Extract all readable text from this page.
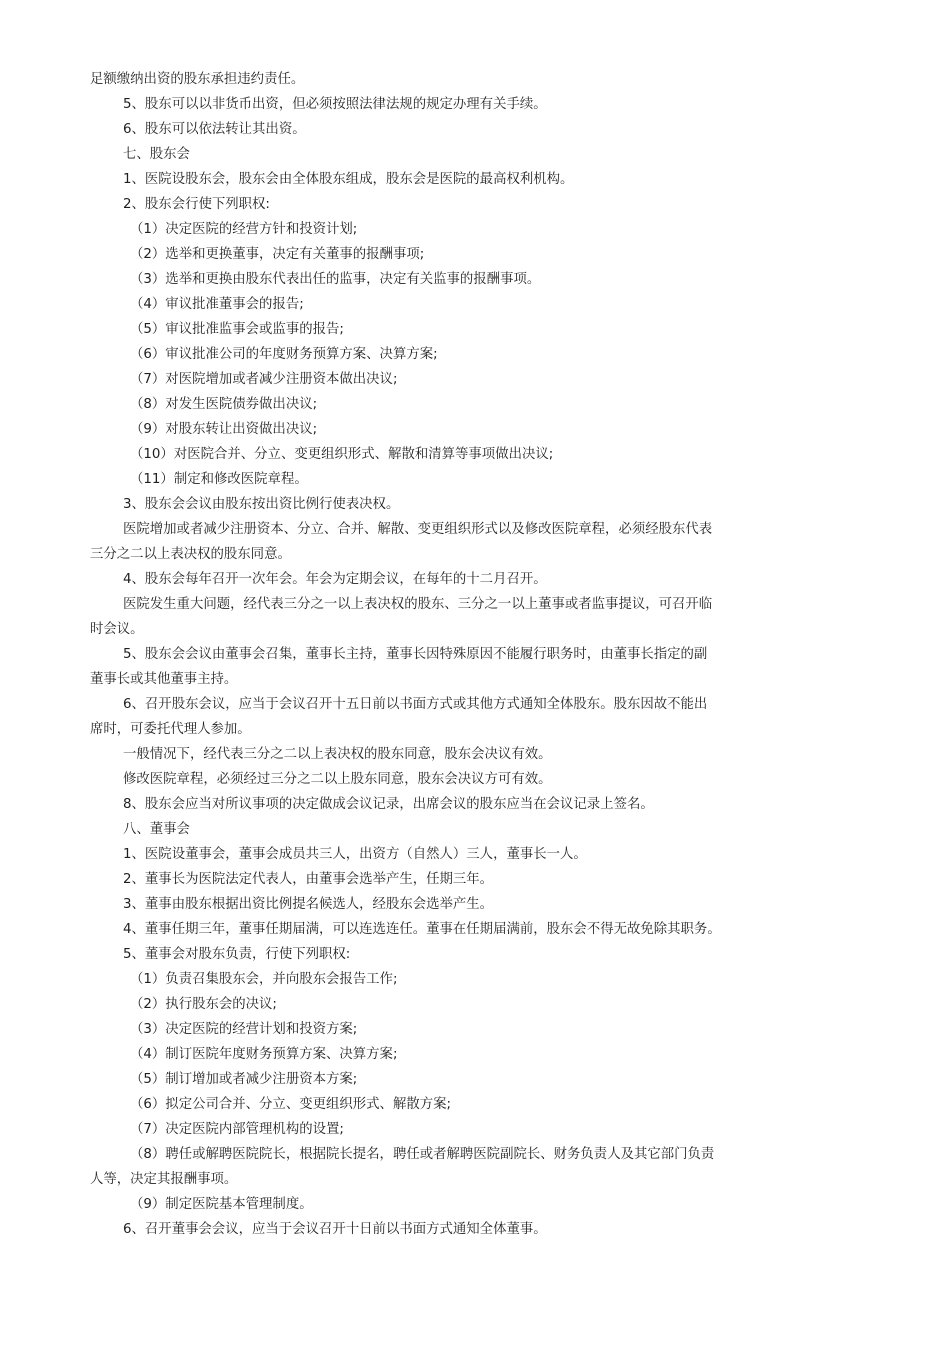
足额缴纳出资的股东承担违约责任。
5、股东可以以非货币出资，但必须按照法律法规的规定办理有关手续。
6、股东可以依法转让其出资。
七、股东会
1、医院设股东会，股东会由全体股东组成，股东会是医院的最高权利机构。
2、股东会行使下列职权:
（1）决定医院的经营方针和投资计划;
（2）选举和更换董事，决定有关董事的报酬事项;
（3）选举和更换由股东代表出任的监事，决定有关监事的报酬事项。
（4）审议批准董事会的报告;
（5）审议批准监事会或监事的报告;
（6）审议批准公司的年度财务预算方案、决算方案;
（7）对医院增加或者减少注册资本做出决议;
（8）对发生医院债券做出决议;
（9）对股东转让出资做出决议;
（10）对医院合并、分立、变更组织形式、解散和清算等事项做出决议;
（11）制定和修改医院章程。
3、股东会会议由股东按出资比例行使表决权。
医院增加或者减少注册资本、分立、合并、解散、变更组织形式以及修改医院章程，必须经股东代表
三分之二以上表决权的股东同意。
4、股东会每年召开一次年会。年会为定期会议，在每年的十二月召开。
医院发生重大问题，经代表三分之一以上表决权的股东、三分之一以上董事或者监事提议，可召开临
时会议。
5、股东会会议由董事会召集，董事长主持，董事长因特殊原因不能履行职务时，由董事长指定的副
董事长或其他董事主持。
6、召开股东会议，应当于会议召开十五日前以书面方式或其他方式通知全体股东。股东因故不能出
席时，可委托代理人参加。
一般情况下，经代表三分之二以上表决权的股东同意，股东会决议有效。
修改医院章程，必须经过三分之二以上股东同意，股东会决议方可有效。
8、股东会应当对所议事项的决定做成会议记录，出席会议的股东应当在会议记录上签名。
八、董事会
1、医院设董事会，董事会成员共三人，出资方（自然人）三人，董事长一人。
2、董事长为医院法定代表人，由董事会选举产生，任期三年。
3、董事由股东根据出资比例提名候选人，经股东会选举产生。
4、董事任期三年，董事任期届满，可以连选连任。董事在任期届满前，股东会不得无故免除其职务。
5、董事会对股东负责，行使下列职权:
（1）负责召集股东会，并向股东会报告工作;
（2）执行股东会的决议;
（3）决定医院的经营计划和投资方案;
（4）制订医院年度财务预算方案、决算方案;
（5）制订增加或者减少注册资本方案;
（6）拟定公司合并、分立、变更组织形式、解散方案;
（7）决定医院内部管理机构的设置;
（8）聘任或解聘医院院长，根据院长提名，聘任或者解聘医院副院长、财务负责人及其它部门负责
人等，决定其报酬事项。
（9）制定医院基本管理制度。
6、召开董事会会议，应当于会议召开十日前以书面方式通知全体董事。
